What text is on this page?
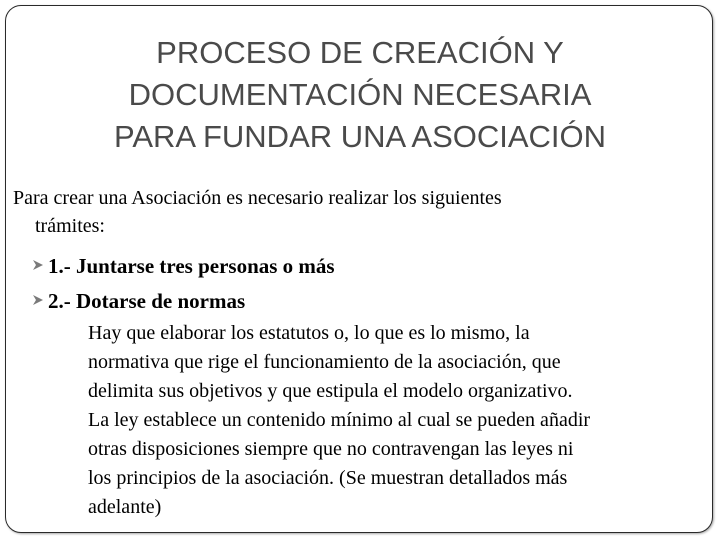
PROCESO DE CREACIÓN Y
DOCUMENTACIÓN NECESARIA
PARA FUNDAR UNA ASOCIACIÓN
Para crear una Asociación es necesario realizar los siguientes
trámites:
1.- Juntarse tres personas o más
2.- Dotarse de normas
Hay que elaborar los estatutos o, lo que es lo mismo, la
normativa que rige el funcionamiento de la asociación, que
delimita sus objetivos y que estipula el modelo organizativo.
La ley establece un contenido mínimo al cual se pueden añadir
otras disposiciones siempre que no contravengan las leyes ni
los principios de la asociación. (Se muestran detallados más
adelante)
